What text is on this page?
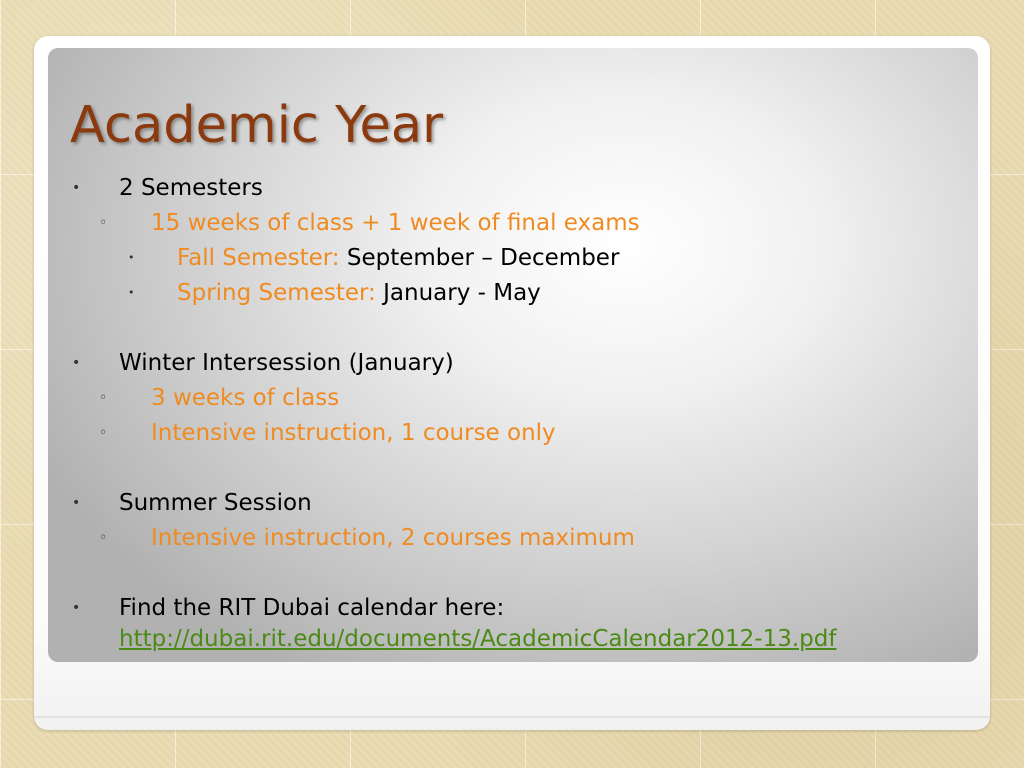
Academic Year
• 2 Semesters
◦ 15 weeks of class + 1 week of final exams
• Fall Semester: September – December
• Spring Semester: January - May
• Winter Intersession (January)
◦ 3 weeks of class
◦ Intensive instruction, 1 course only
• Summer Session
◦ Intensive instruction, 2 courses maximum
• Find the RIT Dubai calendar here:
http://dubai.rit.edu/documents/AcademicCalendar2012-13.pdf
